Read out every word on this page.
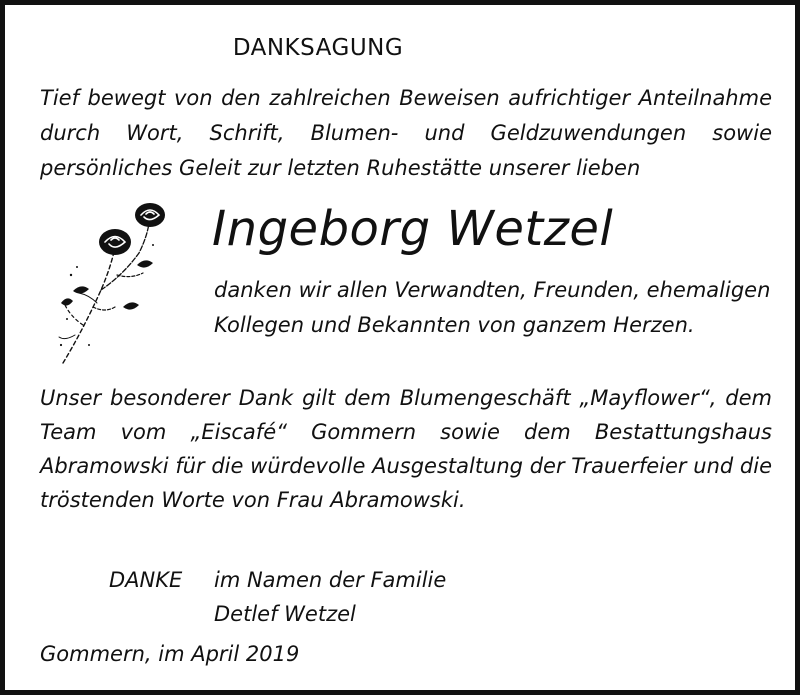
DANKSAGUNG
Tief bewegt von den zahlreichen Beweisen aufrichtiger Anteilnahme durch Wort, Schrift, Blumen- und Geldzuwendungen sowie persönliches Geleit zur letzten Ruhestätte unserer lieben
Ingeborg Wetzel
danken wir allen Verwandten, Freunden, ehemaligen Kollegen und Bekannten von ganzem Herzen.
Unser besonderer Dank gilt dem Blumengeschäft „Mayflower“, dem Team vom „Eiscafé“ Gommern sowie dem Bestattungshaus Abramowski für die würdevolle Ausgestaltung der Trauerfeier und die tröstenden Worte von Frau Abramowski.
DANKE im Namen der Familie
Detlef Wetzel
Gommern, im April 2019
